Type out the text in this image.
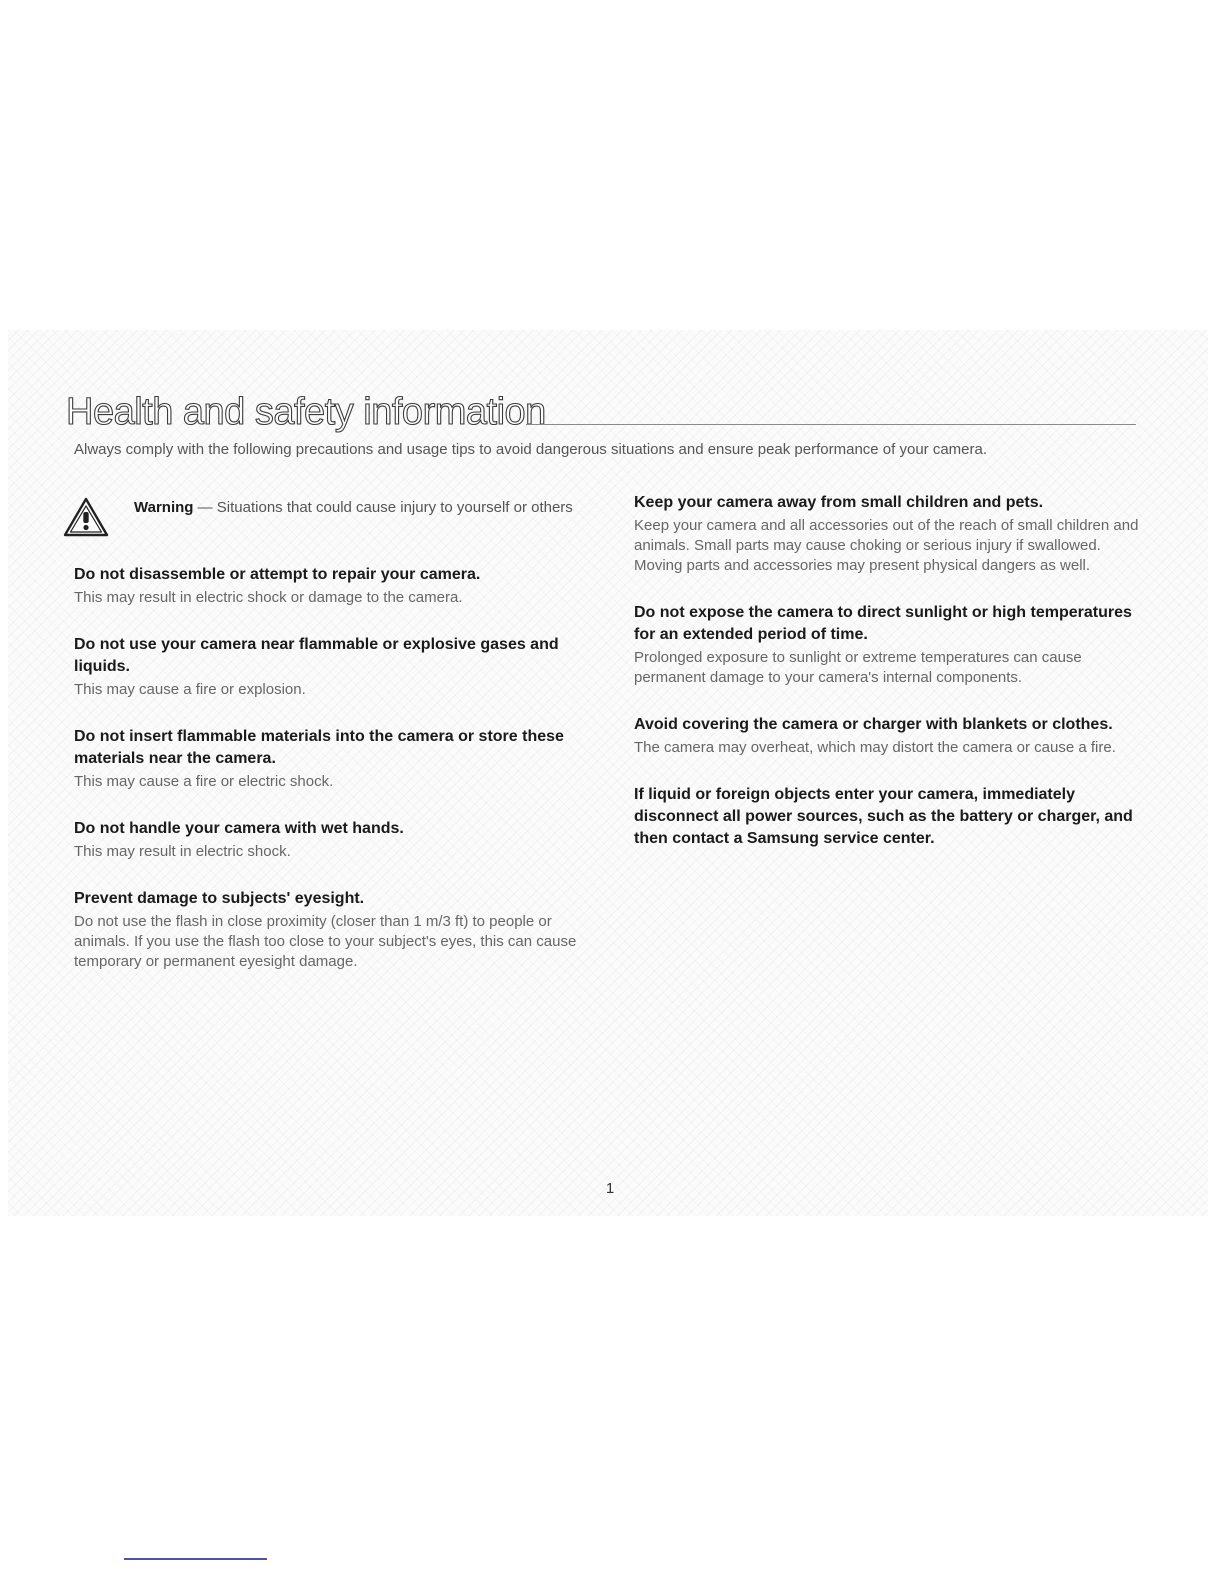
Health and safety information
Always comply with the following precautions and usage tips to avoid dangerous situations and ensure peak performance of your camera.
Warning — Situations that could cause injury to yourself or others

Do not disassemble or attempt to repair your camera.

This may result in electric shock or damage to the camera.

Do not use your camera near flammable or explosive gases and liquids.

This may cause a fire or explosion.

Do not insert flammable materials into the camera or store these materials near the camera.

This may cause a fire or electric shock.

Do not handle your camera with wet hands.

This may result in electric shock.

Prevent damage to subjects' eyesight.

Do not use the flash in close proximity (closer than 1 m/3 ft) to people or animals. If you use the flash too close to your subject's eyes, this can cause temporary or permanent eyesight damage.

Keep your camera away from small children and pets.

Keep your camera and all accessories out of the reach of small children and animals. Small parts may cause choking or serious injury if swallowed. Moving parts and accessories may present physical dangers as well.

Do not expose the camera to direct sunlight or high temperatures for an extended period of time.

Prolonged exposure to sunlight or extreme temperatures can cause permanent damage to your camera's internal components.

Avoid covering the camera or charger with blankets or clothes.

The camera may overheat, which may distort the camera or cause a fire.

If liquid or foreign objects enter your camera, immediately disconnect all power sources, such as the battery or charger, and then contact a Samsung service center.

1
